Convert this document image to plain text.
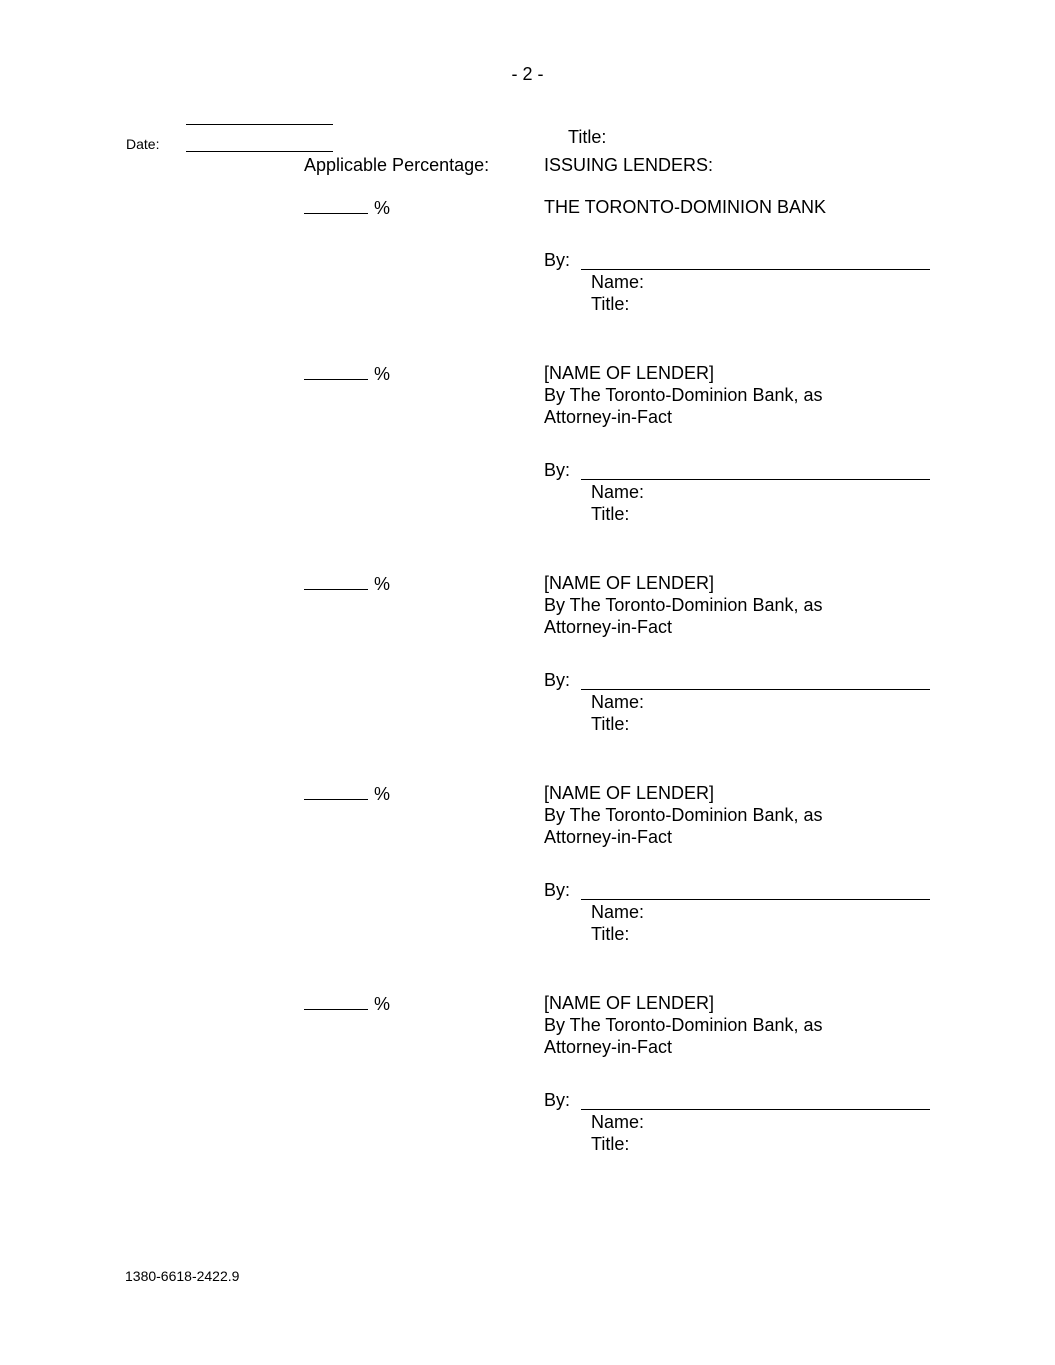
- 2 -
Date:	Title:
Applicable Percentage:	ISSUING LENDERS:
%	THE TORONTO-DOMINION BANK
By:
Name:
Title:
%	[NAME OF LENDER]
By The Toronto-Dominion Bank, as
Attorney-in-Fact
By:
Name:
Title:
%	[NAME OF LENDER]
By The Toronto-Dominion Bank, as
Attorney-in-Fact
By:
Name:
Title:
%	[NAME OF LENDER]
By The Toronto-Dominion Bank, as
Attorney-in-Fact
By:
Name:
Title:
%	[NAME OF LENDER]
By The Toronto-Dominion Bank, as
Attorney-in-Fact
By:
Name:
Title:
1380-6618-2422.9
